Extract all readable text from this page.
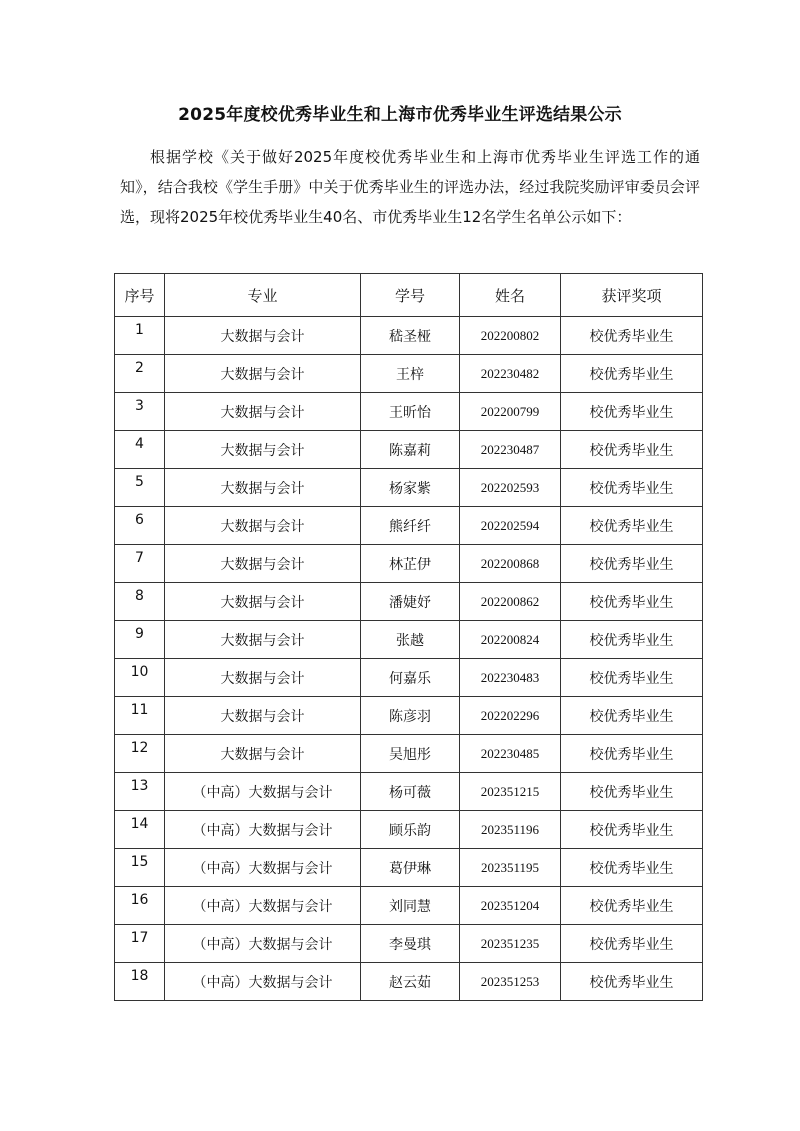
2025年度校优秀毕业生和上海市优秀毕业生评选结果公示
根据学校《关于做好2025年度校优秀毕业生和上海市优秀毕业生评选工作的通知》，结合我校《学生手册》中关于优秀毕业生的评选办法，经过我院奖励评审委员会评选，现将2025年校优秀毕业生40名、市优秀毕业生12名学生名单公示如下：
序号	专业	学号	姓名	获评奖项
1	大数据与会计	嵇圣桠	202200802	校优秀毕业生
2	大数据与会计	王梓	202230482	校优秀毕业生
3	大数据与会计	王昕怡	202200799	校优秀毕业生
4	大数据与会计	陈嘉莉	202230487	校优秀毕业生
5	大数据与会计	杨家紫	202202593	校优秀毕业生
6	大数据与会计	熊纤纤	202202594	校优秀毕业生
7	大数据与会计	林芷伊	202200868	校优秀毕业生
8	大数据与会计	潘婕妤	202200862	校优秀毕业生
9	大数据与会计	张越	202200824	校优秀毕业生
10	大数据与会计	何嘉乐	202230483	校优秀毕业生
11	大数据与会计	陈彦羽	202202296	校优秀毕业生
12	大数据与会计	吴旭彤	202230485	校优秀毕业生
13	（中高）大数据与会计	杨可薇	202351215	校优秀毕业生
14	（中高）大数据与会计	顾乐韵	202351196	校优秀毕业生
15	（中高）大数据与会计	葛伊琳	202351195	校优秀毕业生
16	（中高）大数据与会计	刘同慧	202351204	校优秀毕业生
17	（中高）大数据与会计	李曼琪	202351235	校优秀毕业生
18	（中高）大数据与会计	赵云茹	202351253	校优秀毕业生
